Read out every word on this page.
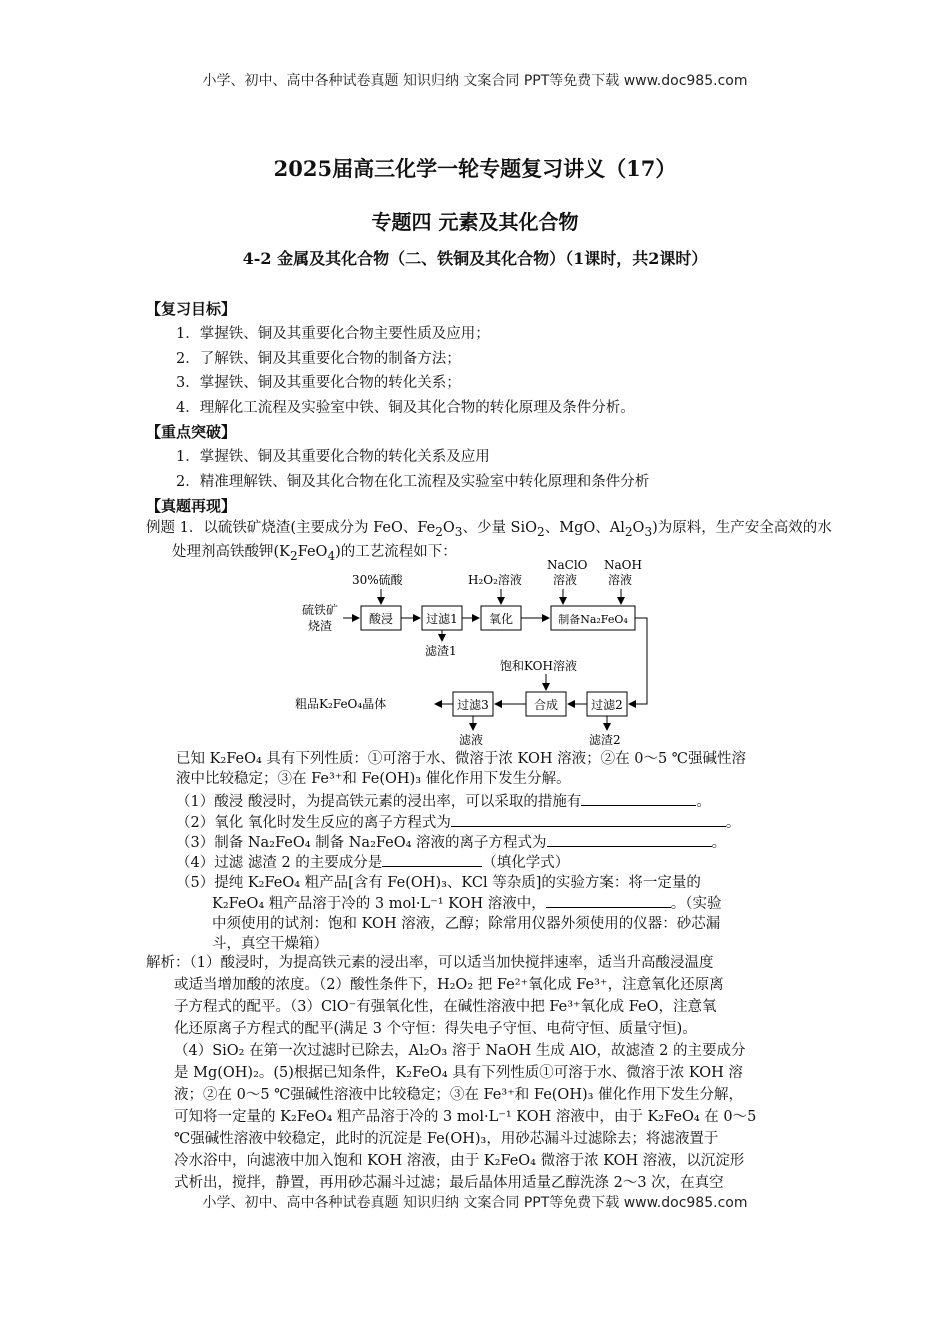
小学、初中、高中各种试卷真题 知识归纳 文案合同 PPT等免费下载 www.doc985.com
2025届高三化学一轮专题复习讲义（17）
专题四 元素及其化合物
4-2 金属及其化合物（二、铁铜及其化合物）（1课时，共2课时）
【复习目标】
1．掌握铁、铜及其重要化合物主要性质及应用；
2．了解铁、铜及其重要化合物的制备方法；
3．掌握铁、铜及其重要化合物的转化关系；
4．理解化工流程及实验室中铁、铜及其化合物的转化原理及条件分析。
【重点突破】
1．掌握铁、铜及其重要化合物的转化关系及应用
2．精准理解铁、铜及其化合物在化工流程及实验室中转化原理和条件分析
【真题再现】
例题 1．以硫铁矿烧渣(主要成分为 FeO、$Fe_2O_3$、少量 SiO$_2$、MgO、$Al_2O_3$)为原料，生产安全高效的水处理剂高铁酸钾$(K_2FeO_4)$的工艺流程如下：
硫铁矿
烧渣
30%硫酸	H₂O₂溶液
NaClO
溶液
NaOH
溶液
滤渣1
饱和KOH溶液
粗品K₂FeO₄晶体
滤液	滤渣2
酸浸	过滤1	氧化	制备Na₂FeO₄
过滤2
合成
过滤3
已知 K₂FeO₄ 具有下列性质：①可溶于水、微溶于浓 KOH 溶液；②在 0～5 ℃强碱性溶
液中比较稳定；③在 Fe³⁺和 Fe(OH)₃ 催化作用下发生分解。
（1）酸浸 酸浸时，为提高铁元素的浸出率，可以采取的措施有	。
（2）氧化 氧化时发生反应的离子方程式为	。
（3）制备 Na₂FeO₄ 制备 Na₂FeO₄ 溶液的离子方程式为	。
（4）过滤 滤渣 2 的主要成分是	（填化学式）
（5）提纯 K₂FeO₄ 粗产品[含有 Fe(OH)₃、KCl 等杂质]的实验方案：将一定量的
K₂FeO₄ 粗产品溶于冷的 3 mol·L⁻¹ KOH 溶液中，	。（实验
中须使用的试剂：饱和 KOH 溶液，乙醇；除常用仪器外须使用的仪器：砂芯漏
斗，真空干燥箱）

解析：（1）酸浸时，为提高铁元素的浸出率，可以适当加快搅拌速率，适当升高酸浸温度

或适当增加酸的浓度。（2）酸性条件下，H₂O₂ 把 Fe²⁺氧化成 Fe³⁺，注意氧化还原离

子方程式的配平。（3）ClO⁻有强氧化性，在碱性溶液中把 Fe³⁺氧化成 FeO，注意氧

化还原离子方程式的配平(满足 3 个守恒：得失电子守恒、电荷守恒、质量守恒)。

（4）SiO₂ 在第一次过滤时已除去，Al₂O₃ 溶于 NaOH 生成 AlO，故滤渣 2 的主要成分

是 Mg(OH)₂。(5)根据已知条件，K₂FeO₄ 具有下列性质①可溶于水、微溶于浓 KOH 溶

液；②在 0～5 ℃强碱性溶液中比较稳定；③在 Fe³⁺和 Fe(OH)₃ 催化作用下发生分解，

可知将一定量的 K₂FeO₄ 粗产品溶于冷的 3 mol·L⁻¹ KOH 溶液中，由于 K₂FeO₄ 在 0～5

℃强碱性溶液中较稳定，此时的沉淀是 Fe(OH)₃，用砂芯漏斗过滤除去；将滤液置于

冷水浴中，向滤液中加入饱和 KOH 溶液，由于 K₂FeO₄ 微溶于浓 KOH 溶液，以沉淀形

式析出，搅拌，静置，再用砂芯漏斗过滤；最后晶体用适量乙醇洗涤 2～3 次，在真空

小学、初中、高中各种试卷真题 知识归纳 文案合同 PPT等免费下载 www.doc985.com
